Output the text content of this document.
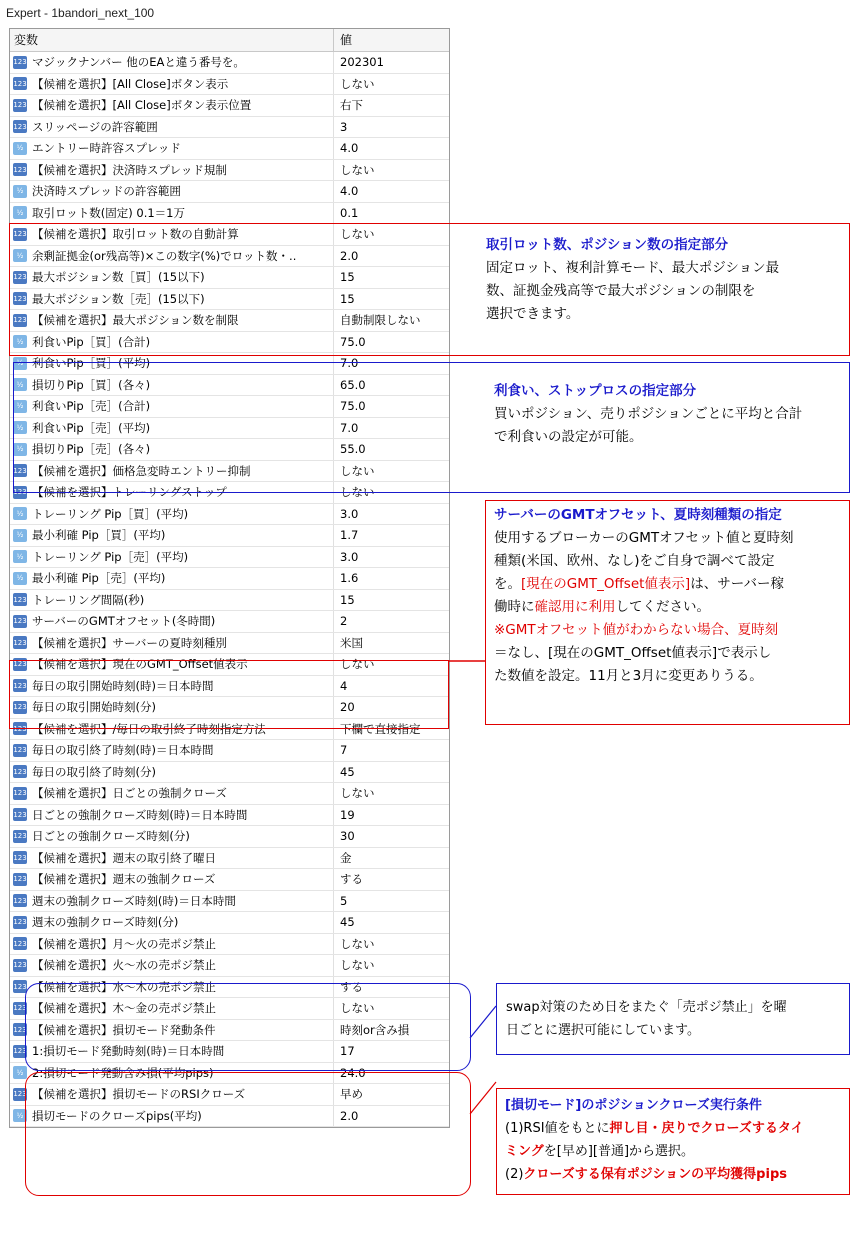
Expert - 1bandori_next_100
変数	値
123 マジックナンバー 他のEAと違う番号を。	202301
123 【候補を選択】[All Close]ボタン表示	しない
123 【候補を選択】[All Close]ボタン表示位置	右下
123 スリッページの許容範囲	3
½ エントリー時許容スプレッド	4.0
123 【候補を選択】決済時スプレッド規制	しない
½ 決済時スプレッドの許容範囲	4.0
½ 取引ロット数(固定) 0.1＝1万	0.1
123 【候補を選択】取引ロット数の自動計算	しない
½ 余剰証拠金(or残高等)×この数字(%)でロット数・..	2.0
123 最大ポジション数［買］(15以下)	15
123 最大ポジション数［売］(15以下)	15
123 【候補を選択】最大ポジション数を制限	自動制限しない
½ 利食いPip［買］(合計)	75.0
½ 利食いPip［買］(平均)	7.0
½ 損切りPip［買］(各々)	65.0
½ 利食いPip［売］(合計)	75.0
½ 利食いPip［売］(平均)	7.0
½ 損切りPip［売］(各々)	55.0
123 【候補を選択】価格急変時エントリー抑制	しない
123 【候補を選択】トレーリングストップ	しない
½ トレーリング Pip［買］(平均)	3.0
½ 最小利確 Pip［買］(平均)	1.7
½ トレーリング Pip［売］(平均)	3.0
½ 最小利確 Pip［売］(平均)	1.6
123 トレーリング間隔(秒)	15
123 サーバーのGMTオフセット(冬時間)	2
123 【候補を選択】サーバーの夏時刻種別	米国
123 【候補を選択】現在のGMT_Offset値表示	しない
123 毎日の取引開始時刻(時)＝日本時間	4
123 毎日の取引開始時刻(分)	20
123 【候補を選択】/毎日の取引終了時刻指定方法	下欄で直接指定
123 毎日の取引終了時刻(時)＝日本時間	7
123 毎日の取引終了時刻(分)	45
123 【候補を選択】日ごとの強制クローズ	しない
123 日ごとの強制クローズ時刻(時)＝日本時間	19
123 日ごとの強制クローズ時刻(分)	30
123 【候補を選択】週末の取引終了曜日	金
123 【候補を選択】週末の強制クローズ	する
123 週末の強制クローズ時刻(時)＝日本時間	5
123 週末の強制クローズ時刻(分)	45
123 【候補を選択】月～火の売ポジ禁止	しない
123 【候補を選択】火～水の売ポジ禁止	しない
123 【候補を選択】水～木の売ポジ禁止	する
123 【候補を選択】木～金の売ポジ禁止	しない
123 【候補を選択】損切モード発動条件	時刻or含み損
123 1:損切モード発動時刻(時)＝日本時間	17
½ 2:損切モード発動含み損(平均pips)	24.0
123 【候補を選択】損切モードのRSIクローズ	早め
½ 損切モードのクローズpips(平均)	2.0
取引ロット数、ポジション数の指定部分
固定ロット、複利計算モード、最大ポジション最
数、証拠金残高等で最大ポジションの制限を
選択できます。
利食い、ストップロスの指定部分
買いポジション、売りポジションごとに平均と合計
で利食いの設定が可能。
サーバーのGMTオフセット、夏時刻種類の指定
使用するブローカーのGMTオフセット値と夏時刻
種類(米国、欧州、なし)をご自身で調べて設定
を。[現在のGMT_Offset値表示]は、サーバー稼
働時に確認用に利用してください。
※GMTオフセット値がわからない場合、夏時刻
＝なし、[現在のGMT_Offset値表示]で表示し
た数値を設定。11月と3月に変更ありうる。
swap対策のため日をまたぐ「売ポジ禁止」を曜
日ごとに選択可能にしています。
[損切モード]のポジションクローズ実行条件
(1)RSI値をもとに押し目・戻りでクローズするタイ
ミングを[早め][普通]から選択。
(2)クローズする保有ポジションの平均獲得pips
